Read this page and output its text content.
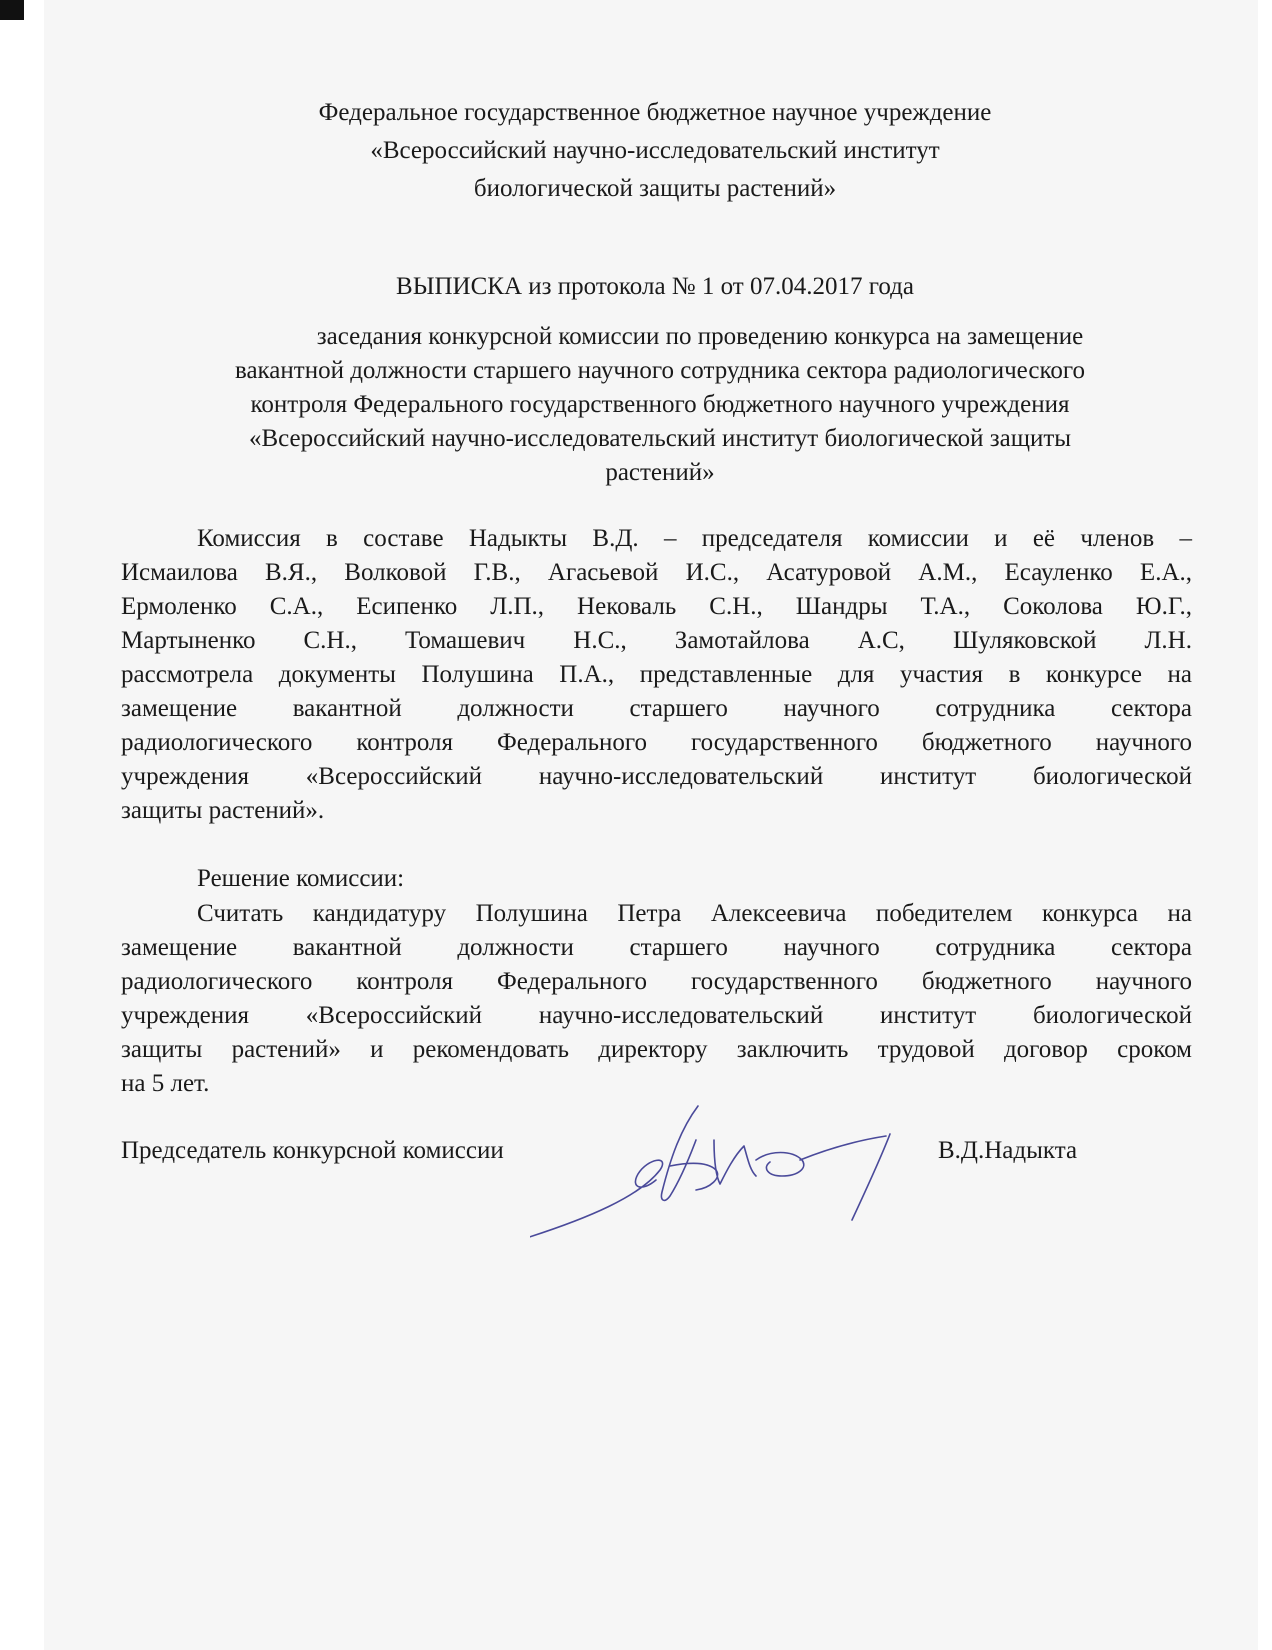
Федеральное государственное бюджетное научное учреждение
«Всероссийский научно-исследовательский институт
биологической защиты растений»
ВЫПИСКА из протокола № 1 от 07.04.2017 года
заседания конкурсной комиссии по проведению конкурса на замещение
вакантной должности старшего научного сотрудника сектора радиологического
контроля Федерального государственного бюджетного научного учреждения
«Всероссийский научно-исследовательский институт биологической защиты
растений»
Комиссия в составе Надыкты В.Д. – председателя комиссии и её членов –
Исмаилова В.Я., Волковой Г.В., Агасьевой И.С., Асатуровой А.М., Есауленко Е.А.,
Ермоленко С.А., Есипенко Л.П., Нековаль С.Н., Шандры Т.А., Соколова Ю.Г.,
Мартыненко С.Н., Томашевич Н.С., Замотайлова А.С, Шуляковской Л.Н.
рассмотрела документы Полушина П.А., представленные для участия в конкурсе на
замещение вакантной должности старшего научного сотрудника сектора
радиологического контроля Федерального государственного бюджетного научного
учреждения «Всероссийский научно-исследовательский институт биологической
защиты растений».
Решение комиссии:
Считать кандидатуру Полушина Петра Алексеевича победителем конкурса на
замещение вакантной должности старшего научного сотрудника сектора
радиологического контроля Федерального государственного бюджетного научного
учреждения «Всероссийский научно-исследовательский институт биологической
защиты растений» и рекомендовать директору заключить трудовой договор сроком
на 5 лет.
Председатель конкурсной комиссии	В.Д.Надыкта
